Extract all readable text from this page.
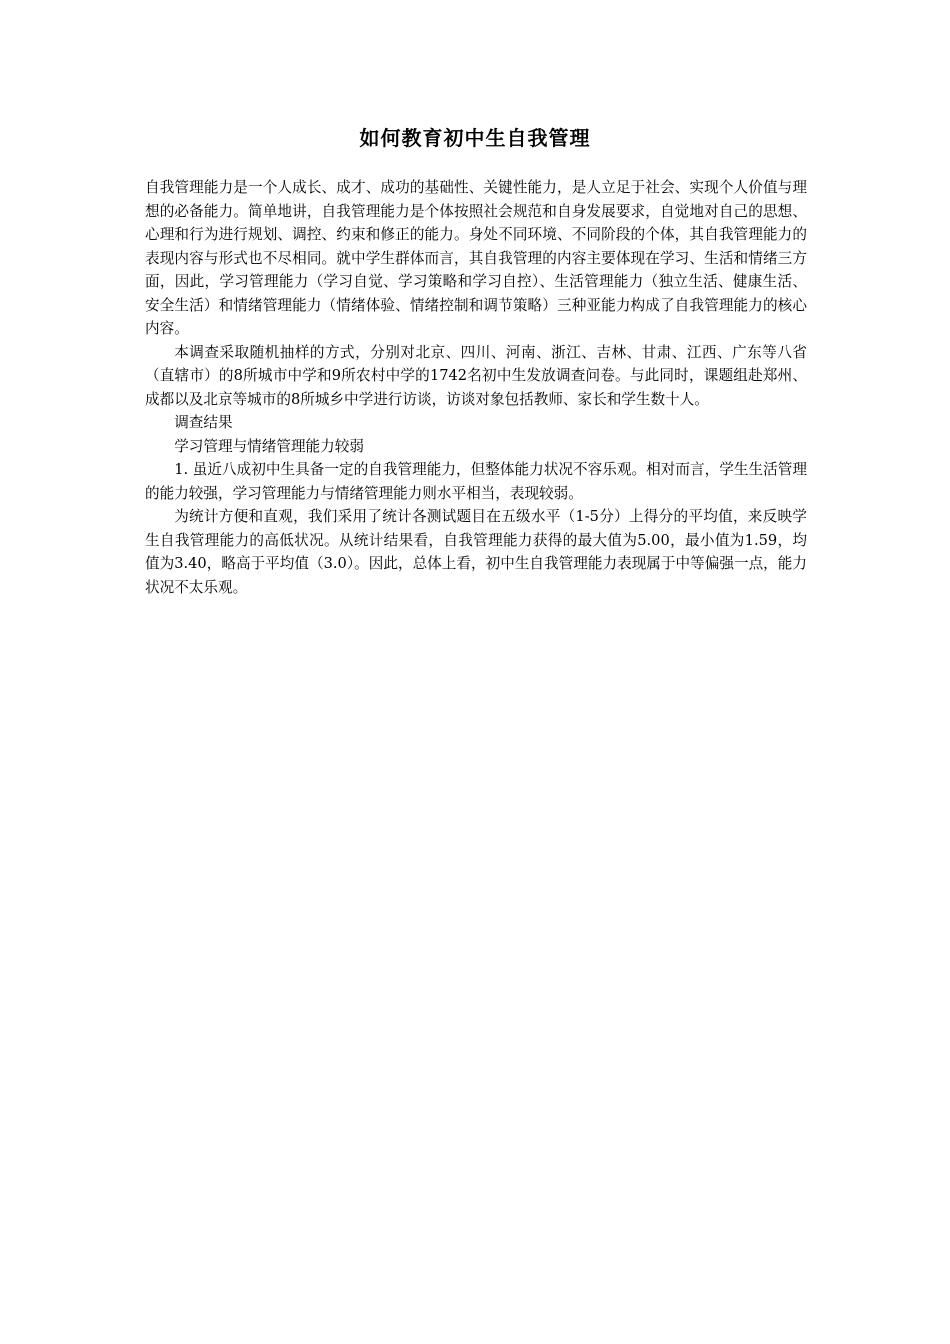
如何教育初中生自我管理

自我管理能力是一个人成长、成才、成功的基础性、关键性能力，是人立足于社会、实现个人价值与理想的必备能力。简单地讲，自我管理能力是个体按照社会规范和自身发展要求，自觉地对自己的思想、心理和行为进行规划、调控、约束和修正的能力。身处不同环境、不同阶段的个体，其自我管理能力的表现内容与形式也不尽相同。就中学生群体而言，其自我管理的内容主要体现在学习、生活和情绪三方面，因此，学习管理能力（学习自觉、学习策略和学习自控）、生活管理能力（独立生活、健康生活、安全生活）和情绪管理能力（情绪体验、情绪控制和调节策略）三种亚能力构成了自我管理能力的核心内容。

本调查采取随机抽样的方式，分别对北京、四川、河南、浙江、吉林、甘肃、江西、广东等八省（直辖市）的8所城市中学和9所农村中学的1742名初中生发放调查问卷。与此同时，课题组赴郑州、成都以及北京等城市的8所城乡中学进行访谈，访谈对象包括教师、家长和学生数十人。

调查结果

学习管理与情绪管理能力较弱

1. 虽近八成初中生具备一定的自我管理能力，但整体能力状况不容乐观。相对而言，学生生活管理的能力较强，学习管理能力与情绪管理能力则水平相当，表现较弱。

为统计方便和直观，我们采用了统计各测试题目在五级水平（1-5分）上得分的平均值，来反映学生自我管理能力的高低状况。从统计结果看，自我管理能力获得的最大值为5.00，最小值为1.59，均值为3.40，略高于平均值（3.0）。因此，总体上看，初中生自我管理能力表现属于中等偏强一点，能力状况不太乐观。
